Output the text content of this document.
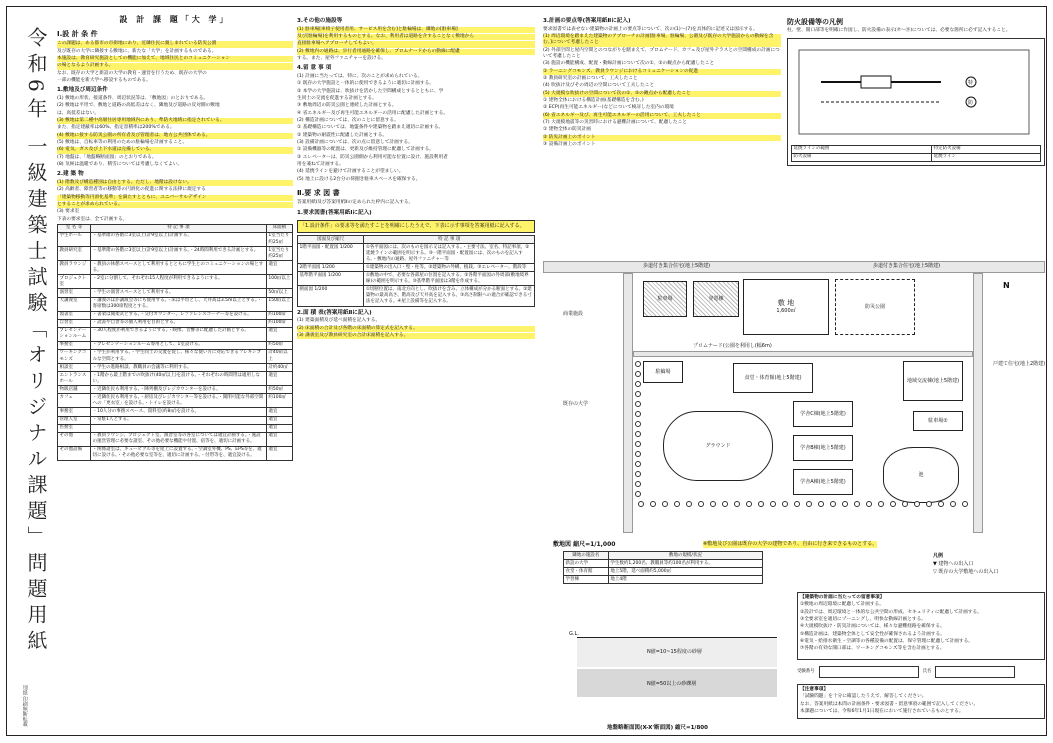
令和6年 一級建築士試験「オリジナル課題」問題用紙
別紙 印刷無断転載
設 計 課 題「大 学」
Ⅰ.設 計 条 件

この課題は、ある都市の市街地にあり、近隣住民に親しまれている防災公園

及び既存の大学に隣接する敷地に、新たな「大学」を計画するものである。

本施設は、教育研究施設としての機能に加えて、地域住民とのコミュニケーション

の場となるよう計画する。

なお、既存の大学と新設の大学の教育・運営を行うため、既存の大学の

一部の機能を新大学へ移設するものである。

1.敷地及び周辺条件

(1) 敷地の形状、接道条件、周辺状況等は、「敷地図」のとおりである。

(2) 敷地は平坦で、敷地と道路の高低差はなく、隣地及び道路の反対側の敷地

は、高低差はない。

(3) 敷地は第二種中高層住居専用地域内にあり、準防火地域に指定されている。

また、指定建蔽率は60%、指定容積率は200%である。

(4) 敷地に接する防災公園の所有者及び管理者は、地方公共団体である。

(5) 敷地は、自転車等の利用のための駐輪場を計画すること。

(6) 電気、ガス及び上下水道は完備している。

(7) 地盤は、「地盤略断面図」のとおりである。

(8) 気候は温暖であり、積雪については考慮しなくてよい。

2.建 築 物

(1) 階数及び構造種別は自由とする。ただし、地階は設けない。

(2) 高齢者、障害者等の移動等の円滑化の促進に関する法律に規定する

「建築物移動等円滑化基準」を満たすとともに、ユニバーサルデザイン

とすることが求められている。

(3) 要求室

下表の要求室は、全て計画する。

室 名 等	特 記 事 項	床面積
学生ホール	・基準階の各階に3室以上(計9室以上)計画する。	1室当たり約25㎡
教員研究室	・基準階の各階に3室以上(計9室以上)計画する。・24時間利用できる計画とする。	1室当たり約25㎡
教員ラウンジ	・教員の休憩スペースとして利用するとともに学生とのコミュニケーションの場とする。	適宜
プロジェクト室	・2室に分割して、それぞれ15人程度が利用できるようにする。	100㎡以上
演習室	・学生の演習スペースとして利用する。	50㎡以上
大講義室	・講義のほか講演会等にも使用する。・床は平坦とし、天井高は3.5m以上とする。・客席数は300席程度とする。	150㎡以上
図書室	・書架は開架式とする。・交付カウンター、レファレンスコーナー等を設ける。	約100㎡
自習室	・読書や自習等の個人利用を目的とする。	約100㎡
プレゼンテーションルーム	・30人程度が利用できるようにする。・映像、音響等に配慮した計画とする。	適宜
事務室	・プレゼンテーションルーム専用として、1室設ける。	約50㎡
ワーキングコモンズ	・学生が利用する。・学生同士の交流を促し、様々な使い方に対応できるフレキシブルな空間とする。	計40㎡以上
相談室	・学生の進路相談、教職員の会議等に利用する。	計約40㎡
エントランスホール	・1階から最上階までの吹抜け(40㎡以上)を設ける。・それぞれの時間帯は適用しない。	適宜
物販店舗	・近隣住民も利用する。・陳列棚及びレジカウンターを設ける。	約50㎡
カフェ	・近隣住民も利用する。・厨房及びレジカウンター等を設ける。・開閉可能な外部空間への「更衣室」を設ける。・トイレを設ける。	約100㎡
事務室	・10人分の事務スペース、資料室(約8㎡)を設ける。	適宜
管理人室	・常駐1人とする。	適宜
医務室		適宜
その他	・教員ラウンジ、プロジェクト室、演習室等の各室については適宜計画する。・施設の運営管理に必要な諸室、その他必要な機能や付置、宿等を、適切に計画する。	適宜
その他設備	・関係諸室は、キュービクル等を屋上に設置する。・空調室外機、PS、EPS等を、適切に設ける。・その他必要な室等を、適切に計画する。・付帯等を、適宜設ける。	適宜
3.その他の施設等

(1) 駐車場[車椅子使用者用、サービス用を含む]と駐輪場は、隣地の[駐車場]

及び[駐輪場]を利用するものとする。なお、利用者は道路を介することなく敷地から

直接駐車場へアプローチしてもよい。

(2) 敷地内の通路は、歩行者用通路を確保し、プロムナードからの動線に配慮

する。また、屋外ファニチャーを設ける。

4.留 意 事 項

(1) 計画に当たっては、特に、次のことが求められている。

① 既存の大学施設と一体的に使用できるように適切に計画する。

② 本学の大学施設は、吹抜けを活かした空間構成とするとともに、学

生同士の交流を促進する計画とする。

③ 敷地周辺の防災公園と連続した計画とする。

④ 省エネルギー及び再生可能エネルギーの活用に配慮した計画とする。

(2) 構造計画については、次のことに留意する。

① 基礎構造については、地盤条件や建築物を踏まえ適切に計画する。

② 建築物の耐震性に配慮した計画とする。

(3) 設備計画については、次の点に留意して計画する。

① 設備機器等の配置は、更新及び維持管理に配慮して計画する。

② エレベーターは、防災公園側から利用可能な位置に設け、施設利用者

用を兼ねて計画する。

(4) 延焼ラインを避けて計画することが望ましい。

(5) 地上に設ける2台分の荷捌き駐車スペースを確保する。

Ⅱ.要 求 図 書

答案用紙Ⅰ及び答案用紙Ⅱの定められた枠内に記入する。

1.要求図書(答案用紙Ⅰに記入)
「1.設計条件」の要求等を満たすことを明確にしたうえで、下表に示す事項を答案用紙に記入する。
図面及び縮尺	特 記 事 項
1階平面図・配置図 1/200	①各平面図には、次のものを図示又は記入する。・主要寸法、室名、特記事項。②延焼ラインの範囲を明示する。③一階平面図・配置図には、次のものを記入する。・敷地内の通路、屋外ファニチャー等
2階平面図 1/200	①建築物の出入口・壁・柱等。②建築物の外構、植栽。③エレベーター、階段等
基準階平面図 1/200	①敷地の中で、必要な各部屋の位置を記入する。②各階平面図の外周部(敷地境界線)の範囲を明示する。③基準階平面図は3階を作成する。
断面図 1/200	①切断位置は、南北方向とし、吹抜けを含み、立体構成が分かる断面とする。②建築物の最高高さ、階高及び天井高を記入する。③高さ制限への適合が確認できる寸法を記入する。④屋上設備等を記入する。
2.面 積 表(答案用紙Ⅱに記入)

(1) 建築面積及び延べ面積を記入する。

(2) 床面積の合計及び各階の床面積の算定式を記入する。

(3) 講義室及び教員研究室の合計床面積を記入する。

3.計画の要点等(答案用紙Ⅱに記入)

要求図書では表せない建築物の計画上の要点等について、次の(1)〜(7)を具体的に記述又は図示する。

(1) 周辺環境を踏まえた建築物のアプローチの計画[駐車場、駐輪場、公園及び既存の大学施設からの動線を含む。]について考慮したこと

(2) 外部空間と屋内空間とのつながりを踏まえて、プロムナード、カフェ及び屋外テラスとの空間構成の計画について考慮したこと

(3) 施設の機能構成、配置・動線計画について次の①、②の観点から配慮したこと

① ラーニングコモンズ、教員ラウンジにおけるコミュニケーションの促進

② 教員研究室の計画について、工夫したこと

(4) 吹抜け及びその周辺の空間について工夫したこと

(5) 大規模な吹抜けの空間について次の①、②の観点から配慮したこと

① 建物全体における構造計画(基礎構造を含む。)

② ECP(再生可能エネルギー)などについて検討した室内の環境

(6) 省エネルギー及び、再生可能エネルギーの活用について、工夫したこと

(7) 大規模地震等の災害時における避難計画について、配慮したこと

① 建物全体の防災計画

② 防災計画上のポイント

③ 設備計画上のポイント

防火設備等の凡例

柱、壁、開口部等を明確に作図し、防火設備の表示(⑦〜⑲)については、必要な箇所に必ず記入すること。

特
防
延焼ラインの範囲	特定防火設備
防火設備	延焼ライン
歩道付き集合住宅(地上5階建)	歩道付き集合住宅(地上5階建)
発電棟
敷 地
1,600㎡
防災公園
駐車場
プロムナード(公園を利用し(幅6m)
駐輪場
食堂・体育館(地上5階建)	地域交流棟(地上5階建)
グラウンド
学舎C棟(地上5階建)
学舎B棟(地上5階建)
学舎A棟(地上5階建)
駐車場②
池
商業施設
既存の大学
戸建て住宅(地上2階建)
N
敷地図 縮尺=1/1,000	※敷地及び公園は既存の大学の建物であり、自由に行き来できるものとする。
凡例
▼ 建物への出入口
▽ 既存の大学敷地への出入口
隣地の施設名	敷地の規模/状況
新設の大学	学生数約1,200名、教職員等約100名が利用する。
食堂・体育館	地上5階、延べ面積約5,000㎡
学習棟	地上4階
G.L.
N値=10~15程度の砂層
N値=50以上の砂礫層
地盤略断面図(X-X'断面図) 縮尺=1/800

【建築物の計画に当たっての留意事項】

①敷地の周辺環境に配慮して計画する。

②設計では、周辺環境と一体的な公共空間の形成、セキュリティに配慮して計画する。

③全要求室を適切にゾーニングし、明快な動線計画とする。

④大規模吹抜け・防災計画については、様々な避難経路を確保する。

⑤構造計画は、建築物全体として安全性が確保されるよう計画する。

⑥電気・給排水衛生・空調等の各種設備の配置は、保守管理に配慮して計画する。

⑦各階の有効な開口部は、ワーキングコモンズ等を含む計画とする。

受験番号	氏名

【注意事項】

「試験問題」を十分に確認したうえで、解答してください。

なお、答案用紙は本問の計画条件・要求図書・留意事項の範囲で記入してください。

本課題については、令和6年1月1日現在において施行されているものとする。
